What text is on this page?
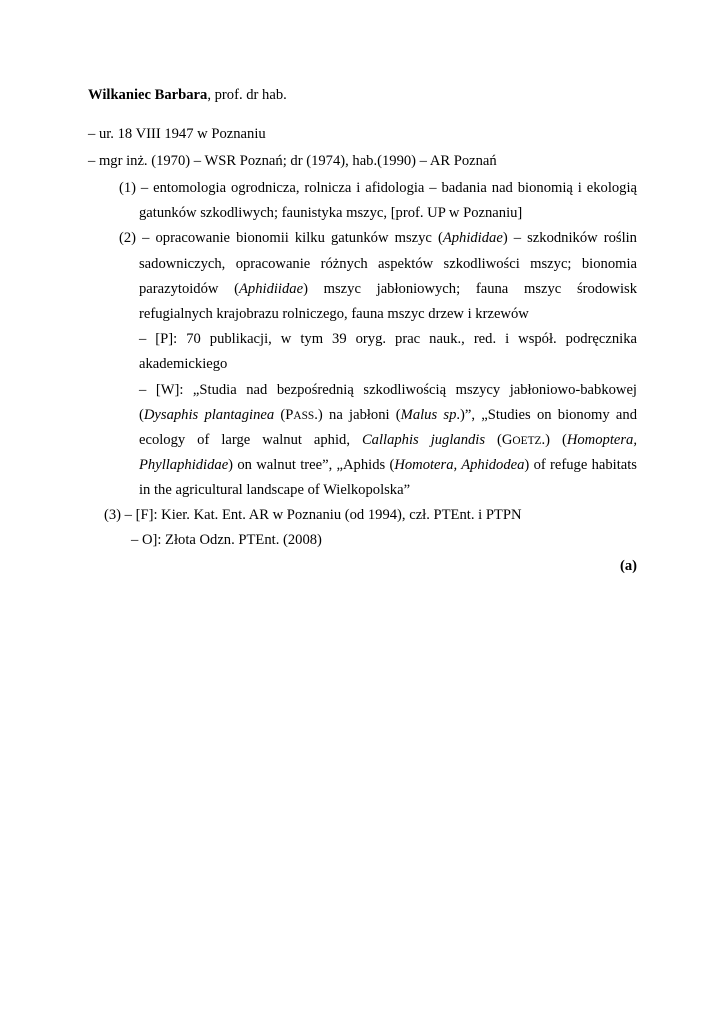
Wilkaniec Barbara, prof. dr hab.
– ur. 18 VIII 1947 w Poznaniu
– mgr inż. (1970) – WSR Poznań; dr (1974), hab.(1990) – AR Poznań
(1) – entomologia ogrodnicza, rolnicza i afidologia – badania nad bionomią i ekologią
gatunków szkodliwych; faunistyka mszyc, [prof. UP w Poznaniu]
(2) – opracowanie bionomii kilku gatunków mszyc (Aphididae) – szkodników roślin
sadowniczych, opracowanie różnych aspektów szkodliwości mszyc; bionomia
parazytoidów (Aphidiidae) mszyc jabłoniowych; fauna mszyc środowisk
refugialnych krajobrazu rolniczego, fauna mszyc drzew i krzewów
– [P]: 70 publikacji, w tym 39 oryg. prac nauk., red. i współ. podręcznika
akademickiego
– [W]: „Studia nad bezpośrednią szkodliwością mszycy jabłoniowo-babkowej
(Dysaphis plantaginea (PASS.) na jabłoni (Malus sp.)”, „Studies on bionomy and
ecology of large walnut aphid, Callaphis juglandis (GOETZ.) (Homoptera,
Phyllaphididae) on walnut tree”, „Aphids (Homotera, Aphidodea) of refuge habitats
in the agricultural landscape of Wielkopolska”
(3) – [F]: Kier. Kat. Ent. AR w Poznaniu (od 1994), czł. PTEnt. i PTPN
– O]: Złota Odzn. PTEnt. (2008)
(a)
